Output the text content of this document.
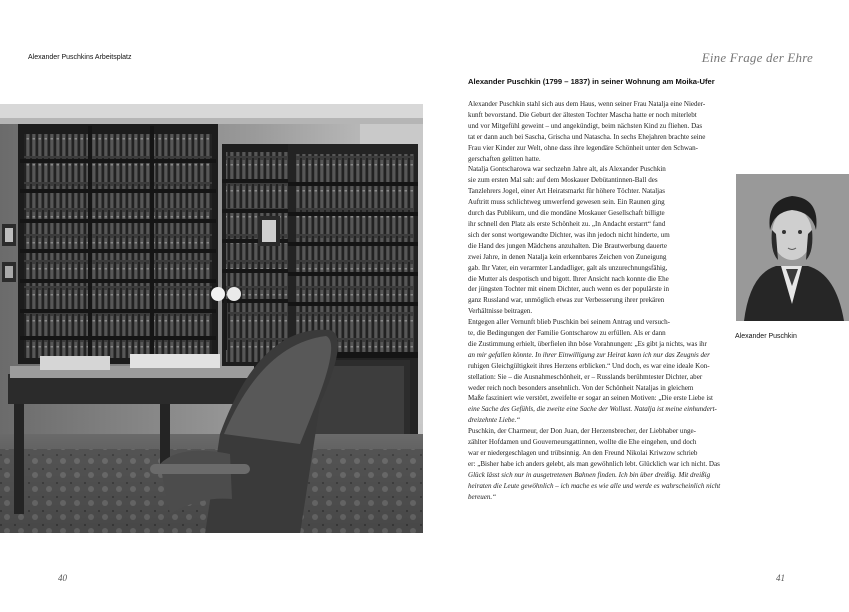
Alexander Puschkins Arbeitsplatz	Eine Frage der Ehre
Alexander Puschkin (1799 – 1837) in seiner Wohnung am Moika-Ufer

Alexander Puschkin stahl sich aus dem Haus, wenn seiner Frau Natalja eine Nieder-
kunft bevorstand. Die Geburt der ältesten Tochter Mascha hatte er noch miterlebt
und vor Mitgefühl geweint – und angekündigt, beim nächsten Kind zu fliehen. Das
tat er dann auch bei Sascha, Grischa und Natascha. In sechs Ehejahren brachte seine
Frau vier Kinder zur Welt, ohne dass ihre legendäre Schönheit unter den Schwan-
gerschaften gelitten hatte.
Natalja Gontscharowa war sechzehn Jahre alt, als Alexander Puschkin
sie zum ersten Mal sah: auf dem Moskauer Debütantinnen-Ball des
Tanzlehrers Jogel, einer Art Heiratsmarkt für höhere Töchter. Nataljas
Auftritt muss schlichtweg umwerfend gewesen sein. Ein Raunen ging
durch das Publikum, und die mondäne Moskauer Gesellschaft billigte
ihr schnell den Platz als erste Schönheit zu. „In Andacht erstarrt“ fand
sich der sonst wortgewandte Dichter, was ihn jedoch nicht hinderte, um
die Hand des jungen Mädchens anzuhalten. Die Brautwerbung dauerte
zwei Jahre, in denen Natalja kein erkennbares Zeichen von Zuneigung
gab. Ihr Vater, ein verarmter Landadliger, galt als unzurechnungsfähig,
die Mutter als despotisch und bigott. Ihrer Ansicht nach konnte die Ehe
der jüngsten Tochter mit einem Dichter, auch wenn es der populärste in
ganz Russland war, unmöglich etwas zur Verbesserung ihrer prekären
Verhältnisse beitragen.
Entgegen aller Vernunft blieb Puschkin bei seinem Antrag und versuch-
te, die Bedingungen der Familie Gontscharow zu erfüllen. Als er dann
die Zustimmung erhielt, überfielen ihn böse Vorahnungen: „Es gibt ja nichts, was ihr
an mir gefallen könnte. In ihrer Einwilligung zur Heirat kann ich nur das Zeugnis der
ruhigen Gleichgültigkeit ihres Herzens erblicken.“ Und doch, es war eine ideale Kon-
stellation: Sie – die Ausnahmeschönheit, er – Russlands berühmtester Dichter, aber
weder reich noch besonders ansehnlich. Von der Schönheit Nataljas in gleichem
Maße fasziniert wie verstört, zweifelte er sogar an seinen Motiven: „Die erste Liebe ist
eine Sache des Gefühls, die zweite eine Sache der Wollust. Natalja ist meine einhundert-
dreizehnte Liebe.“
Puschkin, der Charmeur, der Don Juan, der Herzensbrecher, der Liebhaber unge-
zählter Hofdamen und Gouverneursgattinnen, wollte die Ehe eingehen, und doch
war er niedergeschlagen und trübsinnig. An den Freund Nikolai Kriwzow schrieb
er: „Bisher habe ich anders gelebt, als man gewöhnlich lebt. Glücklich war ich nicht. Das
Glück lässt sich nur in ausgetretenen Bahnen finden. Ich bin über dreißig. Mit dreißig
heiraten die Leute gewöhnlich – ich mache es wie alle und werde es wahrscheinlich nicht
bereuen.“

Alexander Puschkin
40	41
